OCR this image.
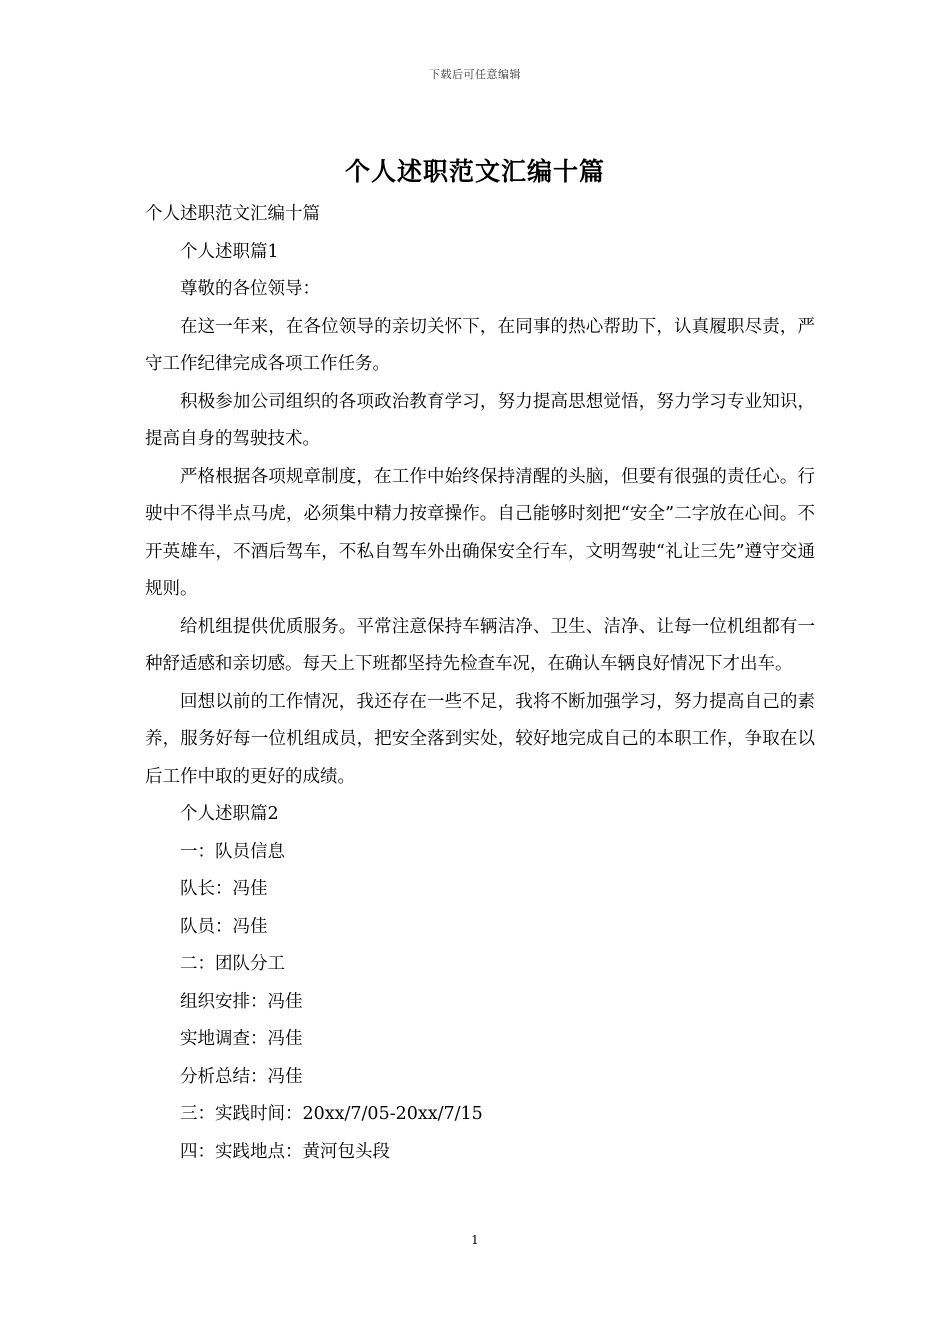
下载后可任意编辑
个人述职范文汇编十篇

个人述职范文汇编十篇

个人述职篇1

尊敬的各位领导：

在这一年来，在各位领导的亲切关怀下，在同事的热心帮助下，认真履职尽责，严守工作纪律完成各项工作任务。

积极参加公司组织的各项政治教育学习，努力提高思想觉悟，努力学习专业知识，提高自身的驾驶技术。

严格根据各项规章制度，在工作中始终保持清醒的头脑，但要有很强的责任心。行驶中不得半点马虎，必须集中精力按章操作。自己能够时刻把“安全”二字放在心间。不开英雄车，不酒后驾车，不私自驾车外出确保安全行车，文明驾驶“礼让三先”遵守交通规则。

给机组提供优质服务。平常注意保持车辆洁净、卫生、洁净、让每一位机组都有一种舒适感和亲切感。每天上下班都坚持先检查车况，在确认车辆良好情况下才出车。

回想以前的工作情况，我还存在一些不足，我将不断加强学习，努力提高自己的素养，服务好每一位机组成员，把安全落到实处，较好地完成自己的本职工作，争取在以后工作中取的更好的成绩。

个人述职篇2

一：队员信息

队长：冯佳

队员：冯佳

二：团队分工

组织安排：冯佳

实地调查：冯佳

分析总结：冯佳

三：实践时间：20xx/7/05-20xx/7/15

四：实践地点：黄河包头段

1
